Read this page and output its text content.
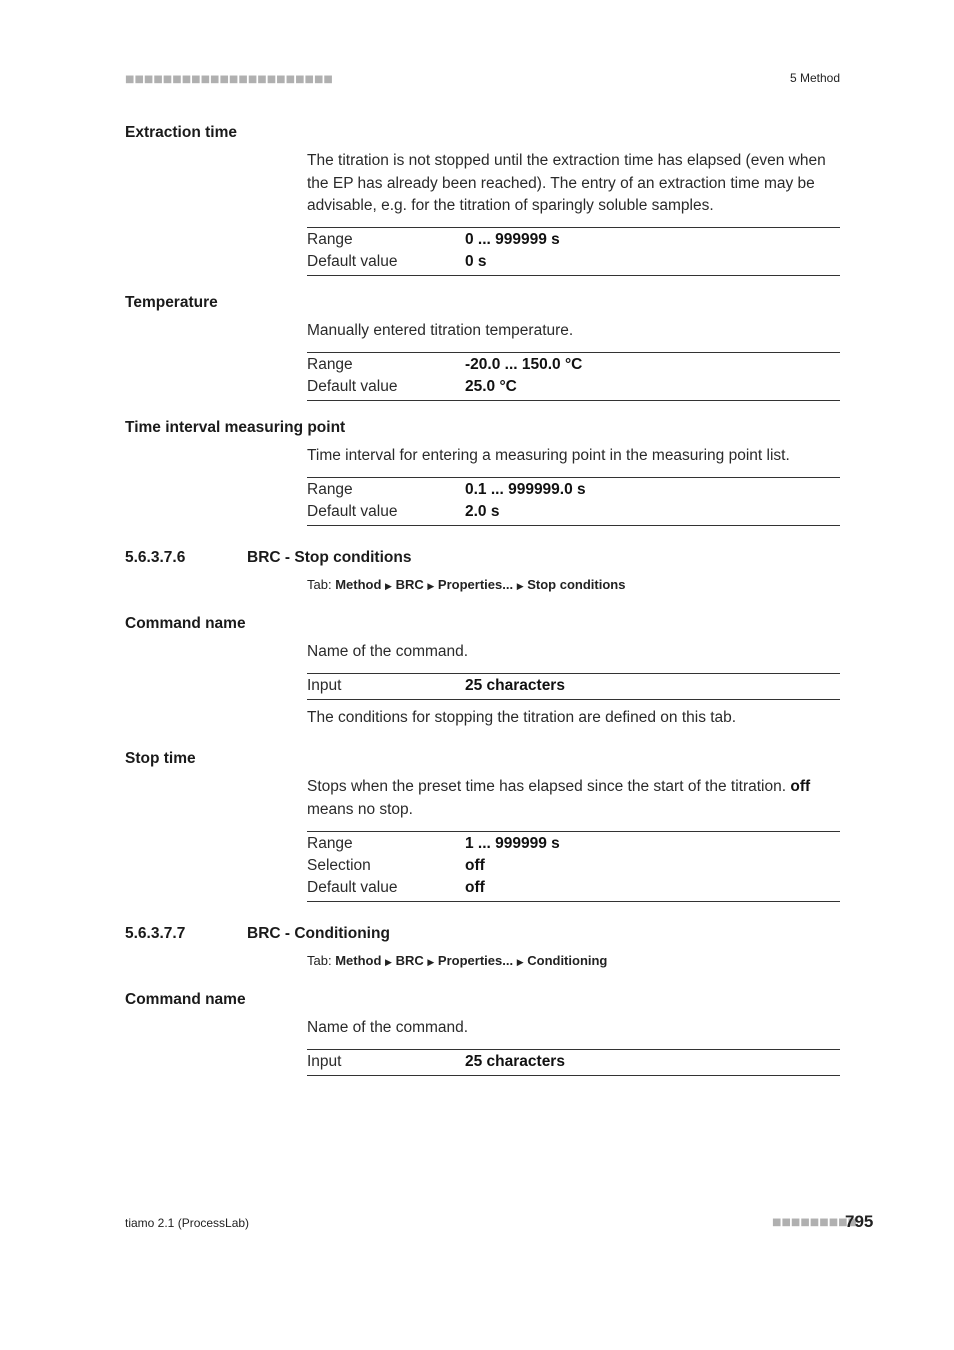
■■■■■■■■■■■■■■■■■■■■■■	5 Method
Extraction time
The titration is not stopped until the extraction time has elapsed (even when the EP has already been reached). The entry of an extraction time may be advisable, e.g. for the titration of sparingly soluble samples.
Range	0 ... 999999 s
Default value	0 s
Temperature
Manually entered titration temperature.
Range	-20.0 ... 150.0 °C
Default value	25.0 °C
Time interval measuring point
Time interval for entering a measuring point in the measuring point list.
Range	0.1 ... 999999.0 s
Default value	2.0 s
5.6.3.7.6	BRC - Stop conditions
Tab: Method ▶ BRC ▶ Properties... ▶ Stop conditions
Command name
Name of the command.
Input	25 characters
The conditions for stopping the titration are defined on this tab.
Stop time
Stops when the preset time has elapsed since the start of the titration. off means no stop.
Range	1 ... 999999 s
Selection	off
Default value	off
5.6.3.7.7	BRC - Conditioning
Tab: Method ▶ BRC ▶ Properties... ▶ Conditioning
Command name
Name of the command.
Input	25 characters
tiamo 2.1 (ProcessLab)	■■■■■■■■■
795
